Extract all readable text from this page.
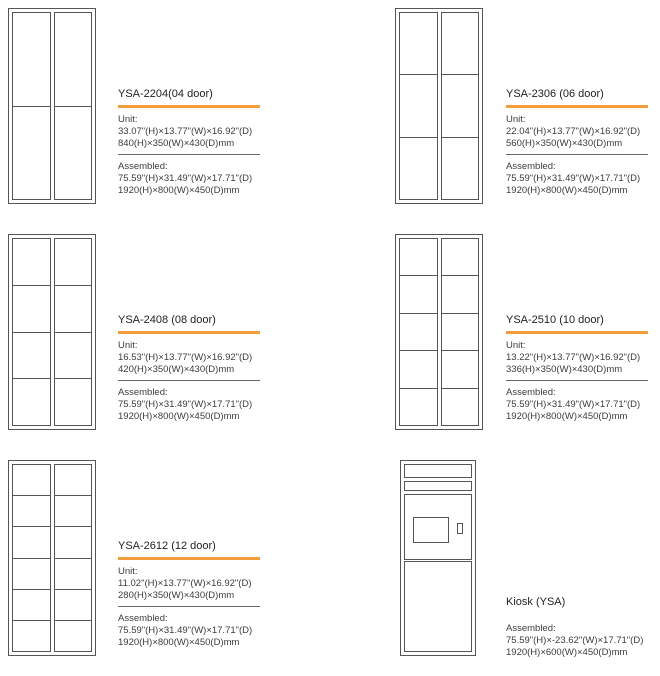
YSA-2204(04 door)
Unit:
33.07"(H)×13.77"(W)×16.92"(D)
840(H)×350(W)×430(D)mm
Assembled:
75.59"(H)×31.49"(W)×17.71"(D)
1920(H)×800(W)×450(D)mm
YSA-2306 (06 door)
Unit:
22.04"(H)×13.77"(W)×16.92"(D)
560(H)×350(W)×430(D)mm
Assembled:
75.59"(H)×31.49"(W)×17.71"(D)
1920(H)×800(W)×450(D)mm
YSA-2408 (08 door)
Unit:
16.53"(H)×13.77"(W)×16.92"(D)
420(H)×350(W)×430(D)mm
Assembled:
75.59"(H)×31.49"(W)×17.71"(D)
1920(H)×800(W)×450(D)mm
YSA-2510 (10 door)
Unit:
13.22"(H)×13.77"(W)×16.92"(D)
336(H)×350(W)×430(D)mm
Assembled:
75.59"(H)×31.49"(W)×17.71"(D)
1920(H)×800(W)×450(D)mm
YSA-2612 (12 door)
Unit:
11.02"(H)×13.77"(W)×16.92"(D)
280(H)×350(W)×430(D)mm
Assembled:
75.59"(H)×31.49"(W)×17.71"(D)
1920(H)×800(W)×450(D)mm
Kiosk (YSA)
Assembled:
75.59"(H)×-23.62"(W)×17.71"(D)
1920(H)×600(W)×450(D)mm
